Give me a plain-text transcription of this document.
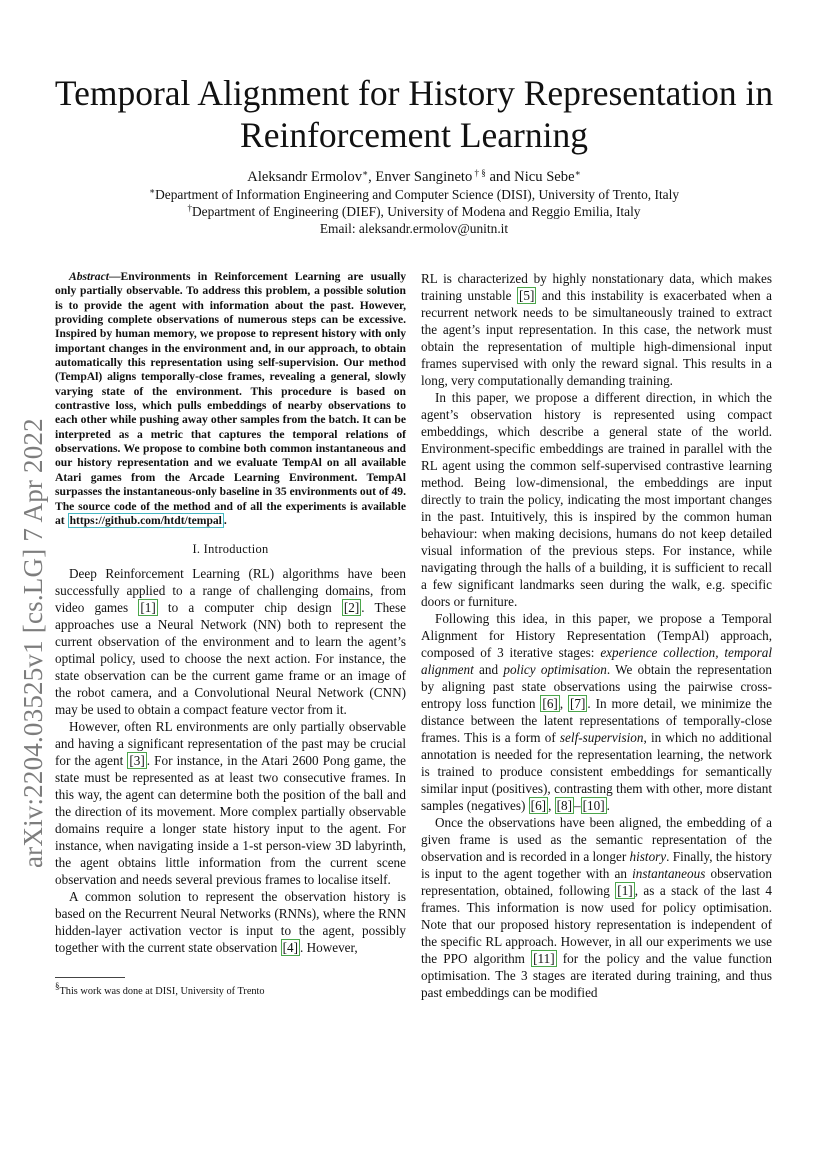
arXiv:2204.03525v1 [cs.LG] 7 Apr 2022
Temporal Alignment for History Representation in Reinforcement Learning
Aleksandr Ermolov∗, Enver Sangineto † § and Nicu Sebe∗
∗Department of Information Engineering and Computer Science (DISI), University of Trento, Italy
†Department of Engineering (DIEF), University of Modena and Reggio Emilia, Italy
Email: aleksandr.ermolov@unitn.it

Abstract—Environments in Reinforcement Learning are usually only partially observable. To address this problem, a possible solution is to provide the agent with information about the past. However, providing complete observations of numerous steps can be excessive. Inspired by human memory, we propose to represent history with only important changes in the environment and, in our approach, to obtain automatically this representation using self-supervision. Our method (TempAl) aligns temporally-close frames, revealing a general, slowly varying state of the environment. This procedure is based on contrastive loss, which pulls embeddings of nearby observations to each other while pushing away other samples from the batch. It can be interpreted as a metric that captures the temporal relations of observations. We propose to combine both common instantaneous and our history representation and we evaluate TempAl on all available Atari games from the Arcade Learning Environment. TempAl surpasses the instantaneous-only baseline in 35 environments out of 49. The source code of the method and of all the experiments is available at https://github.com/htdt/tempal .

I. Introduction

Deep Reinforcement Learning (RL) algorithms have been successfully applied to a range of challenging domains, from video games [1] to a computer chip design [2] . These approaches use a Neural Network (NN) both to represent the current observation of the environment and to learn the agent’s optimal policy, used to choose the next action. For instance, the state observation can be the current game frame or an image of the robot camera, and a Convolutional Neural Network (CNN) may be used to obtain a compact feature vector from it.

However, often RL environments are only partially observable and having a significant representation of the past may be crucial for the agent [3] . For instance, in the Atari 2600 Pong game, the state must be represented as at least two consecutive frames. In this way, the agent can determine both the position of the ball and the direction of its movement. More complex partially observable domains require a longer state history input to the agent. For instance, when navigating inside a 1-st person-view 3D labyrinth, the agent obtains little information from the current scene observation and needs several previous frames to localise itself.

A common solution to represent the observation history is based on the Recurrent Neural Networks (RNNs), where the RNN hidden-layer activation vector is input to the agent, possibly together with the current state observation [4] . However,

§This work was done at DISI, University of Trento

RL is characterized by highly nonstationary data, which makes training unstable [5] and this instability is exacerbated when a recurrent network needs to be simultaneously trained to extract the agent’s input representation. In this case, the network must obtain the representation of multiple high-dimensional input frames supervised with only the reward signal. This results in a long, very computationally demanding training.

In this paper, we propose a different direction, in which the agent’s observation history is represented using compact embeddings, which describe a general state of the world. Environment-specific embeddings are trained in parallel with the RL agent using the common self-supervised contrastive learning method. Being low-dimensional, the embeddings are input directly to train the policy, indicating the most important changes in the past. Intuitively, this is inspired by the common human behaviour: when making decisions, humans do not keep detailed visual information of the previous steps. For instance, while navigating through the halls of a building, it is sufficient to recall a few significant landmarks seen during the walk, e.g. specific doors or furniture.

Following this idea, in this paper, we propose a Temporal Alignment for History Representation (TempAl) approach, composed of 3 iterative stages: experience collection, temporal alignment and policy optimisation. We obtain the representation by aligning past state observations using the pairwise cross-entropy loss function [6] , [7] . In more detail, we minimize the distance between the latent representations of temporally-close frames. This is a form of self-supervision, in which no additional annotation is needed for the representation learning, the network is trained to produce consistent embeddings for semantically similar input (positives), contrasting them with other, more distant samples (negatives) [6] , [8] – [10] .

Once the observations have been aligned, the embedding of a given frame is used as the semantic representation of the observation and is recorded in a longer history. Finally, the history is input to the agent together with an instantaneous observation representation, obtained, following [1] , as a stack of the last 4 frames. This information is now used for policy optimisation. Note that our proposed history representation is independent of the specific RL approach. However, in all our experiments we use the PPO algorithm [11] for the policy and the value function optimisation. The 3 stages are iterated during training, and thus past embeddings can be modified
